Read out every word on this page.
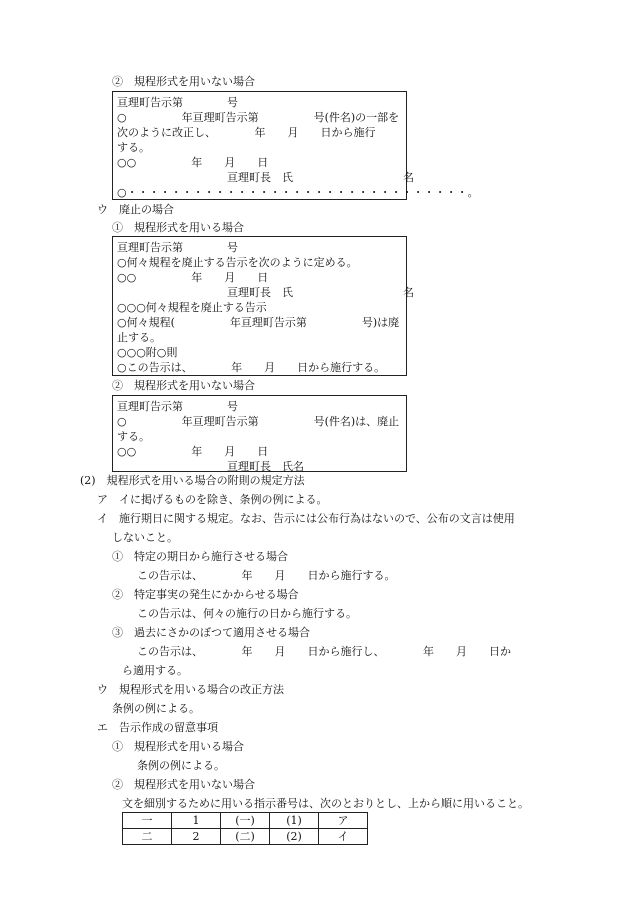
②　規程形式を用いない場合
亘理町告示第　　　　号
○　　　　　年亘理町告示第　　　　　号(件名)の一部を
次のように改正し、　　　　年　　月　　日から施行
する。
○○　　　　　年　　月　　日
　　　　　　　　　　亘理町長　氏　　　　　　　　　　名
○・・・・・・・・・・・・・・・・・・・・・・・・・・・・・・・。
ウ　廃止の場合
①　規程形式を用いる場合
亘理町告示第　　　　号
○何々規程を廃止する告示を次のように定める。
○○　　　　　年　　月　　日
　　　　　　　　　　亘理町長　氏　　　　　　　　　　名
○○○何々規程を廃止する告示
○何々規程(　　　　　年亘理町告示第　　　　　号)は廃
止する。
○○○附○則
○この告示は、　　　　年　　月　　日から施行する。
②　規程形式を用いない場合
亘理町告示第　　　　号
○　　　　　年亘理町告示第　　　　　号(件名)は、廃止
する。
○○　　　　　年　　月　　日
　　　　　　　　　　亘理町長　氏名
(2)　規程形式を用いる場合の附則の規定方法
ア　イに掲げるものを除き、条例の例による。
イ　施行期日に関する規定。なお、告示には公布行為はないので、公布の文言は使用
しないこと。
①　特定の期日から施行させる場合
この告示は、　　　　年　　月　　日から施行する。
②　特定事実の発生にかからせる場合
この告示は、何々の施行の日から施行する。
③　過去にさかのぼつて適用させる場合
この告示は、　　　　年　　月　　日から施行し、　　　　年　　月　　日か
ら適用する。
ウ　規程形式を用いる場合の改正方法
条例の例による。
エ　告示作成の留意事項
①　規程形式を用いる場合
条例の例による。
②　規程形式を用いない場合
文を細別するために用いる指示番号は、次のとおりとし、上から順に用いること。
一	1	(一)	(1)	ア
二	2	(二)	(2)	イ
